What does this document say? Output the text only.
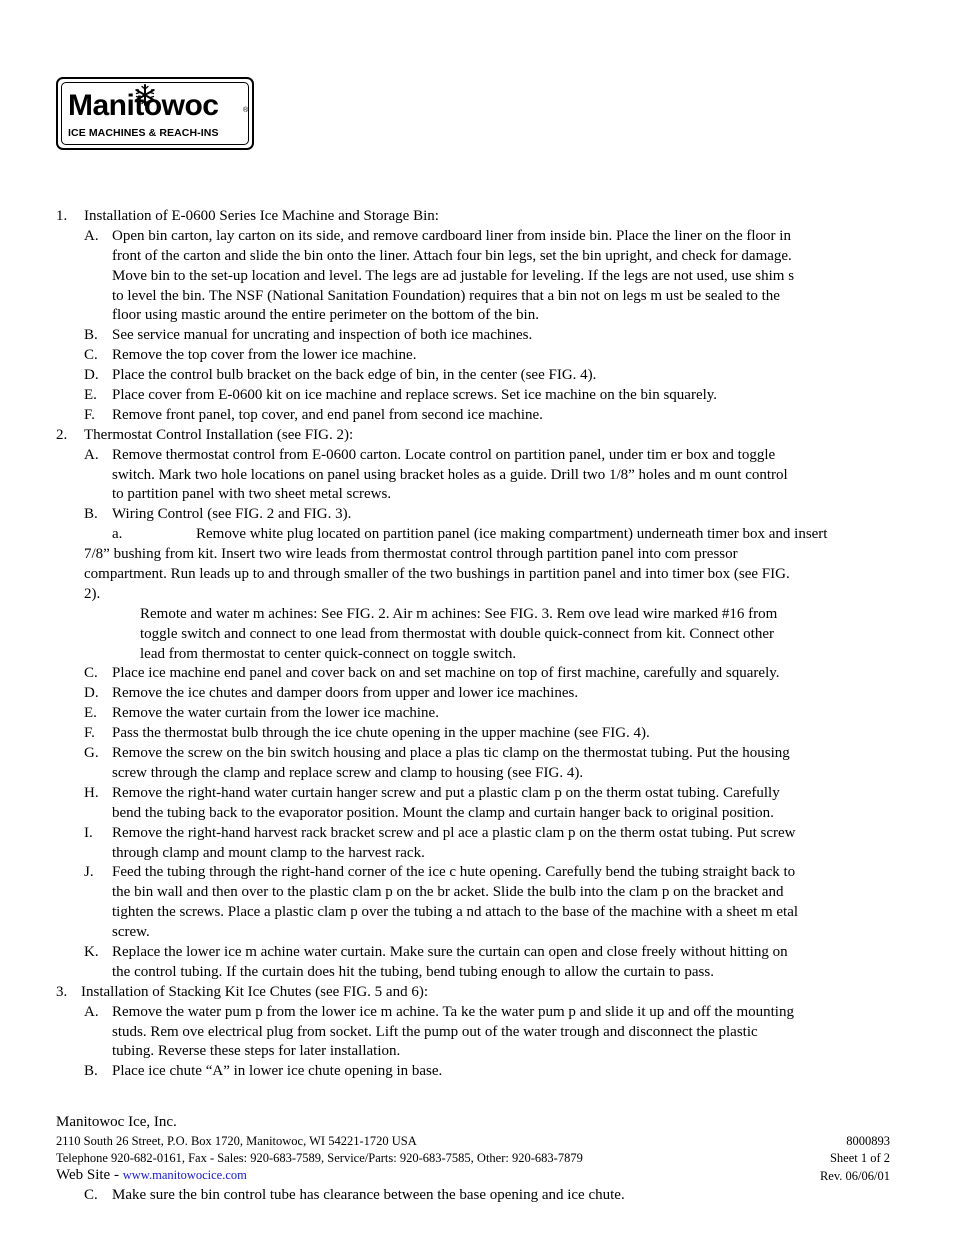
Manitowoc	®
ICE MACHINES & REACH-INS
1. Installation of E-0600 Series Ice Machine and Storage Bin:
A. Open bin carton, lay carton on its side, and remove cardboard liner from inside bin. Place the liner on the floor in
front of the carton and slide the bin onto the liner. Attach four bin legs, set the bin upright, and check for damage.
Move bin to the set-up location and level. The legs are ad justable for leveling. If the legs are not used, use shim s
to level the bin. The NSF (National Sanitation Foundation) requires that a bin not on legs m ust be sealed to the
floor using mastic around the entire perimeter on the bottom of the bin.
B. See service manual for uncrating and inspection of both ice machines.
C. Remove the top cover from the lower ice machine.
D. Place the control bulb bracket on the back edge of bin, in the center (see FIG. 4).
E. Place cover from E-0600 kit on ice machine and replace screws. Set ice machine on the bin squarely.
F. Remove front panel, top cover, and end panel from second ice machine.
2. Thermostat Control Installation (see FIG. 2):
A. Remove thermostat control from E-0600 carton. Locate control on partition panel, under tim er box and toggle
switch. Mark two hole locations on panel using bracket holes as a guide. Drill two 1/8” holes and m ount control
to partition panel with two sheet metal screws.
B. Wiring Control (see FIG. 2 and FIG. 3).
a.	Remove white plug located on partition panel (ice making compartment) underneath timer box and insert
7/8” bushing from kit. Insert two wire leads from thermostat control through partition panel into com pressor
compartment. Run leads up to and through smaller of the two bushings in partition panel and into timer box (see FIG.
2).
Remote and water m achines: See FIG. 2. Air m achines: See FIG. 3. Rem ove lead wire marked #16 from
toggle switch and connect to one lead from thermostat with double quick-connect from kit. Connect other
lead from thermostat to center quick-connect on toggle switch.
C. Place ice machine end panel and cover back on and set machine on top of first machine, carefully and squarely.
D. Remove the ice chutes and damper doors from upper and lower ice machines.
E. Remove the water curtain from the lower ice machine.
F. Pass the thermostat bulb through the ice chute opening in the upper machine (see FIG. 4).
G. Remove the screw on the bin switch housing and place a plas tic clamp on the thermostat tubing. Put the housing
screw through the clamp and replace screw and clamp to housing (see FIG. 4).
H. Remove the right-hand water curtain hanger screw and put a plastic clam p on the therm ostat tubing. Carefully
bend the tubing back to the evaporator position. Mount the clamp and curtain hanger back to original position.
I. Remove the right-hand harvest rack bracket screw and pl ace a plastic clam p on the therm ostat tubing. Put screw
through clamp and mount clamp to the harvest rack.
J. Feed the tubing through the right-hand corner of the ice c hute opening. Carefully bend the tubing straight back to
the bin wall and then over to the plastic clam p on the br acket. Slide the bulb into the clam p on the bracket and
tighten the screws. Place a plastic clam p over the tubing a nd attach to the base of the machine with a sheet m etal
screw.
K. Replace the lower ice m achine water curtain. Make sure the curtain can open and close freely without hitting on
the control tubing. If the curtain does hit the tubing, bend tubing enough to allow the curtain to pass.
3. Installation of Stacking Kit Ice Chutes (see FIG. 5 and 6):
A. Remove the water pum p from the lower ice m achine. Ta ke the water pum p and slide it up and off the mounting
studs. Rem ove electrical plug from socket. Lift the pump out of the water trough and disconnect the plastic
tubing. Reverse these steps for later installation.
B. Place ice chute “A” in lower ice chute opening in base.
Manitowoc Ice, Inc.
2110 South 26 Street, P.O. Box 1720, Manitowoc, WI 54221-1720 USA
Telephone 920-682-0161, Fax - Sales: 920-683-7589, Service/Parts: 920-683-7585, Other: 920-683-7879
Web Site - www.manitowocice.com
8000893
Sheet 1 of 2
Rev. 06/06/01
C. Make sure the bin control tube has clearance between the base opening and ice chute.
